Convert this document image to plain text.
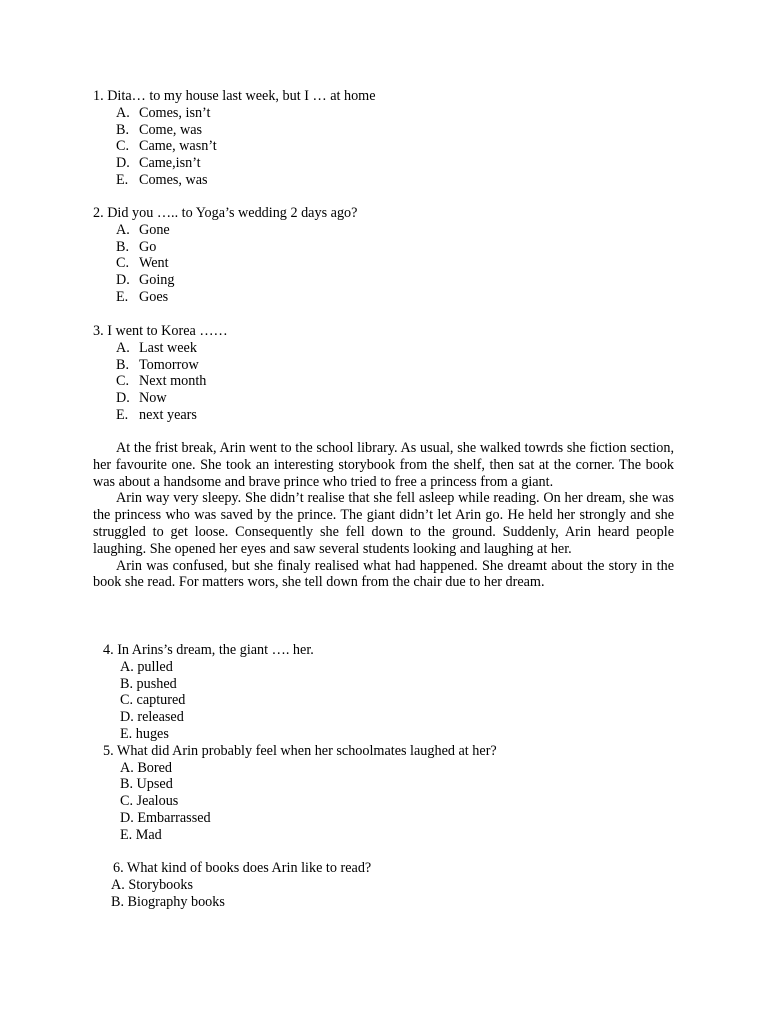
1. Dita… to my house last week, but I … at home
A. Comes, isn’t
B. Come, was
C. Came, wasn’t
D. Came,isn’t
E. Comes, was
2. Did you ….. to Yoga’s wedding 2 days ago?
A. Gone
B. Go
C. Went
D. Going
E. Goes
3. I went to Korea ……
A. Last week
B. Tomorrow
C. Next month
D. Now
E. next years

At the frist break, Arin went to the school library. As usual, she walked towrds she fiction section, her favourite one. She took an interesting storybook from the shelf, then sat at the corner. The book was about a handsome and brave prince who tried to free a princess from a giant.

Arin way very sleepy. She didn’t realise that she fell asleep while reading. On her dream, she was the princess who was saved by the prince. The giant didn’t let Arin go. He held her strongly and she struggled to get loose. Consequently she fell down to the ground. Suddenly, Arin heard people laughing. She opened her eyes and saw several students looking and laughing at her.

Arin was confused, but she finaly realised what had happened. She dreamt about the story in the book she read. For matters wors, she tell down from the chair due to her dream.

4. In Arins’s dream, the giant …. her.
A. pulled
B. pushed
C. captured
D. released
E. huges
5. What did Arin probably feel when her schoolmates laughed at her?
A. Bored
B. Upsed
C. Jealous
D. Embarrassed
E. Mad
6. What kind of books does Arin like to read?
A. Storybooks
B. Biography books
